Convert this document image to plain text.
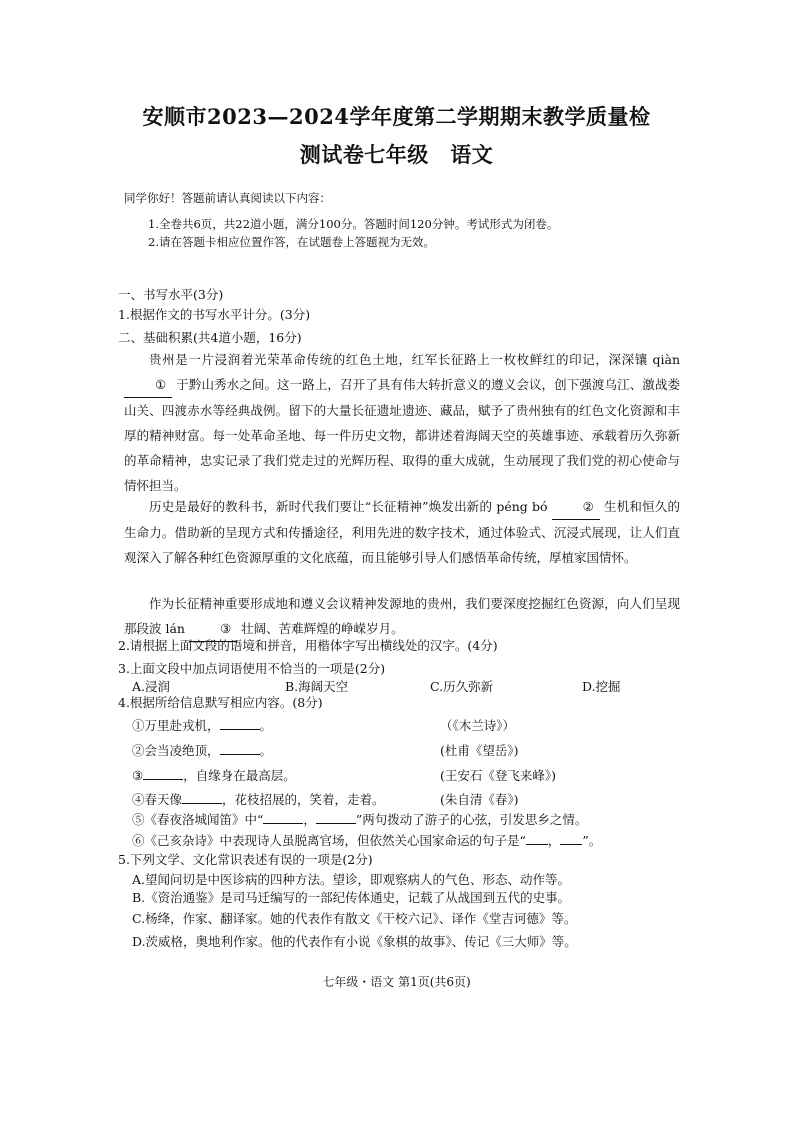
安顺市2023—2024学年度第二学期期末教学质量检
测试卷七年级　语文
同学你好！答题前请认真阅读以下内容：
1.全卷共6页，共22道小题，满分100分。答题时间120分钟。考试形式为闭卷。
2.请在答题卡相应位置作答，在试题卷上答题视为无效。
一、书写水平(3分)
1.根据作文的书写水平计分。(3分)
二、基础积累(共4道小题，16分)

贵州是一片浸润着光荣革命传统的红色土地，红军长征路上一枚枚鲜红的印记，深深镶 qiàn ① 于黔山秀水之间。这一路上，召开了具有伟大转折意义的遵义会议，创下强渡乌江、激战娄山关、四渡赤水等经典战例。留下的大量长征遗址遗迹、藏品，赋予了贵州独有的红色文化资源和丰厚的精神财富。每一处革命圣地、每一件历史文物，都讲述着海阔天空的英雄事迹、承载着历久弥新的革命精神，忠实记录了我们党走过的光辉历程、取得的重大成就，生动展现了我们党的初心使命与情怀担当。

历史是最好的教科书，新时代我们要让“长征精神”焕发出新的 péng bó ② 生机和恒久的生命力。借助新的呈现方式和传播途径，利用先进的数字技术，通过体验式、沉浸式展现，让人们直观深入了解各种红色资源厚重的文化底蕴，而且能够引导人们感悟革命传统，厚植家国情怀。

作为长征精神重要形成地和遵义会议精神发源地的贵州，我们要深度挖掘红色资源，向人们呈现那段波 lán ③ 壮阔、苦难辉煌的峥嵘岁月。

2.请根据上面文段的语境和拼音，用楷体字写出横线处的汉字。(4分)
3.上面文段中加点词语使用不恰当的一项是(2分)
A.浸润	B.海阔天空	C.历久弥新	D.挖掘
4.根据所给信息默写相应内容。(8分)
①万里赴戎机，	。	（《木兰诗》）
②会当凌绝顶，	。	(杜甫《望岳》)
③	，自缘身在最高层。	(王安石《登飞来峰》)
④春天像	，花枝招展的，笑着，走着。	(朱自清《春》)
⑤《春夜洛城闻笛》中“	，	”两句拨动了游子的心弦，引发思乡之情。
⑥《己亥杂诗》中表现诗人虽脱离官场，但依然关心国家命运的句子是“ ， ”。
5.下列文学、文化常识表述有误的一项是(2分)
A.望闻问切是中医诊病的四种方法。望诊，即观察病人的气色、形态、动作等。
B.《资治通鉴》是司马迁编写的一部纪传体通史，记载了从战国到五代的史事。
C.杨绛，作家、翻译家。她的代表作有散文《干校六记》、译作《堂吉诃德》等。
D.茨威格，奥地利作家。他的代表作有小说《象棋的故事》、传记《三大师》等。
七年级・语文 第1页(共6页)
